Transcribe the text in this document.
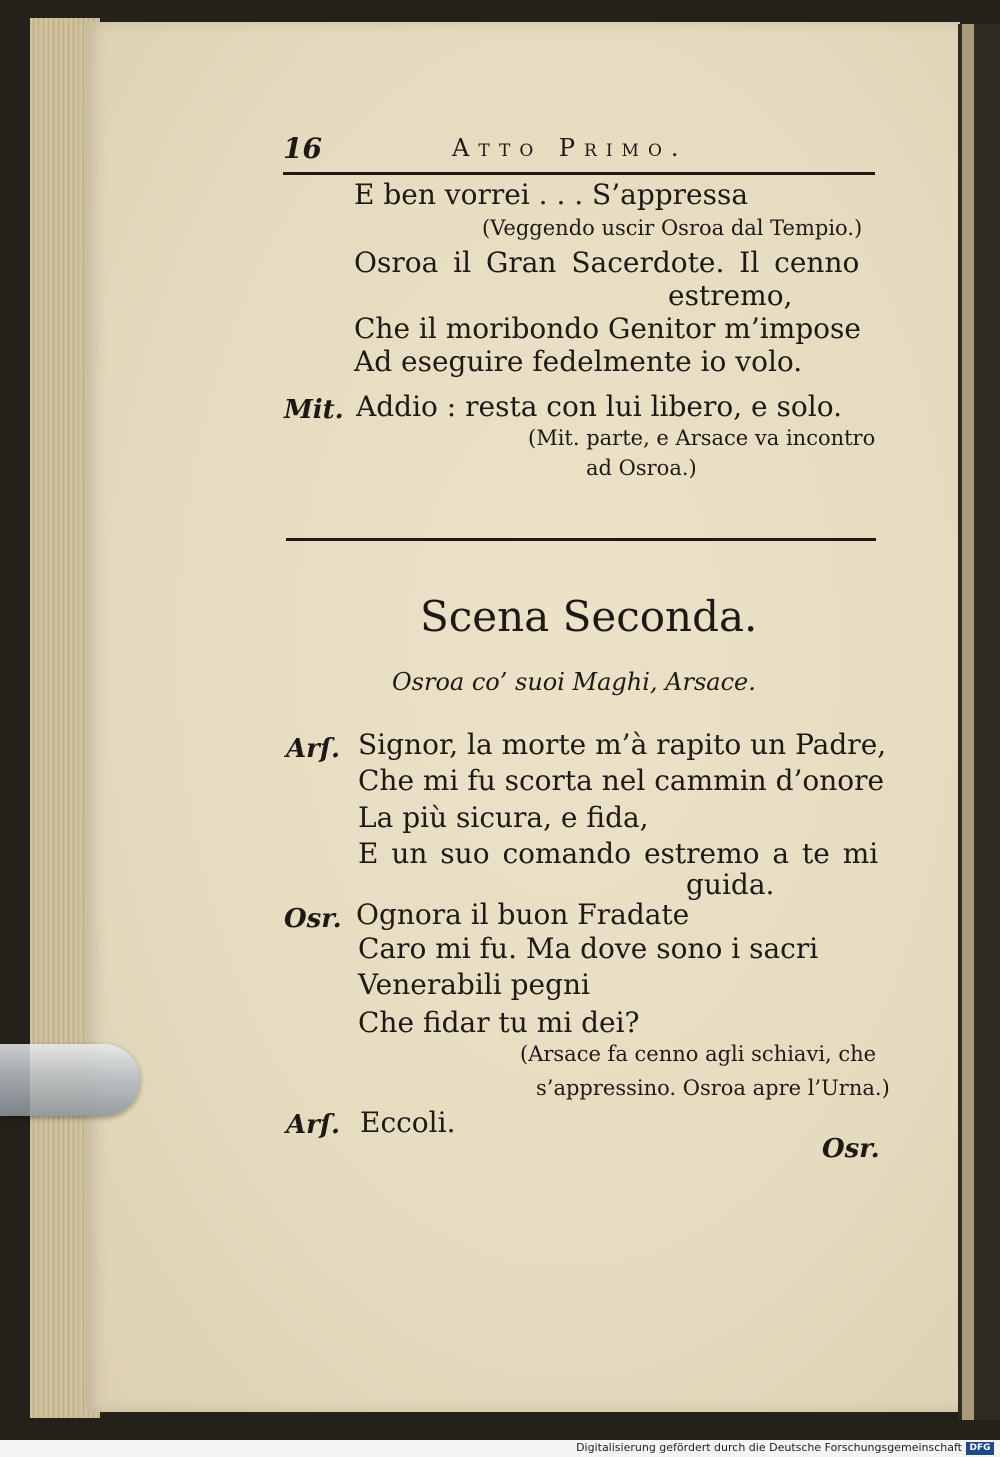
16	Atto Primo.
E ben vorrei . . . S’appressa
(Veggendo uscir Osroa dal Tempio.)
Osroa il Gran Sacerdote. Il cenno
estremo,
Che il moribondo Genitor m’impose
Ad eseguire fedelmente io volo.
Mit. Addio : resta con lui libero, e solo.
(Mit. parte, e Arsace va incontro
ad Osroa.)
Scena Seconda.
Osroa co’ suoi Maghi, Arsace.
Arſ. Signor, la morte m’à rapito un Padre,
Che mi fu scorta nel cammin d’onore
La più sicura, e fida,
E un suo comando estremo a te mi
guida.
Osr. Ognora il buon Fradate
Caro mi fu. Ma dove sono i sacri
Venerabili pegni
Che fidar tu mi dei?
(Arsace fa cenno agli schiavi, che
s’appressino. Osroa apre l’Urna.)
Arſ. Eccoli.
Osr.
Digitalisierung gefördert durch die Deutsche Forschungsgemeinschaft DFG
